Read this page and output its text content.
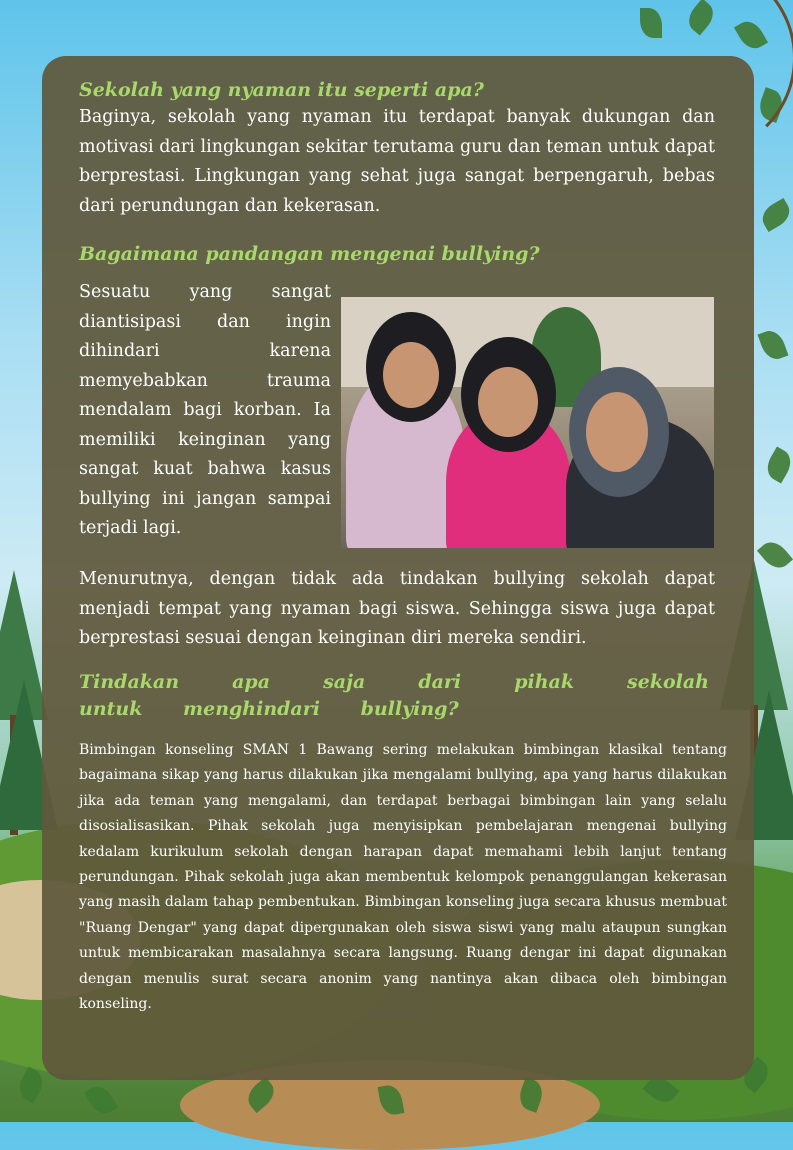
Sekolah yang nyaman itu seperti apa?

Baginya, sekolah yang nyaman itu terdapat banyak dukungan dan motivasi dari lingkungan sekitar terutama guru dan teman untuk dapat berprestasi. Lingkungan yang sehat juga sangat berpengaruh, bebas dari perundungan dan kekerasan.

Bagaimana pandangan mengenai bullying?

Sesuatu yang sangat diantisipasi dan ingin dihindari karena memyebabkan trauma mendalam bagi korban. Ia memiliki keinginan yang sangat kuat bahwa kasus bullying ini jangan sampai terjadi lagi.

Menurutnya, dengan tidak ada tindakan bullying sekolah dapat menjadi tempat yang nyaman bagi siswa. Sehingga siswa juga dapat berprestasi sesuai dengan keinginan diri mereka sendiri.

Tindakan apa saja dari pihak sekolah untuk menghindari bullying?

Bimbingan konseling SMAN 1 Bawang sering melakukan bimbingan klasikal tentang bagaimana sikap yang harus dilakukan jika mengalami bullying, apa yang harus dilakukan jika ada teman yang mengalami, dan terdapat berbagai bimbingan lain yang selalu disosialisasikan. Pihak sekolah juga menyisipkan pembelajaran mengenai bullying kedalam kurikulum sekolah dengan harapan dapat memahami lebih lanjut tentang perundungan. Pihak sekolah juga akan membentuk kelompok penanggulangan kekerasan yang masih dalam tahap pembentukan. Bimbingan konseling juga secara khusus membuat "Ruang Dengar" yang dapat dipergunakan oleh siswa siswi yang malu ataupun sungkan untuk membicarakan masalahnya secara langsung. Ruang dengar ini dapat digunakan dengan menulis surat secara anonim yang nantinya akan dibaca oleh bimbingan konseling.
